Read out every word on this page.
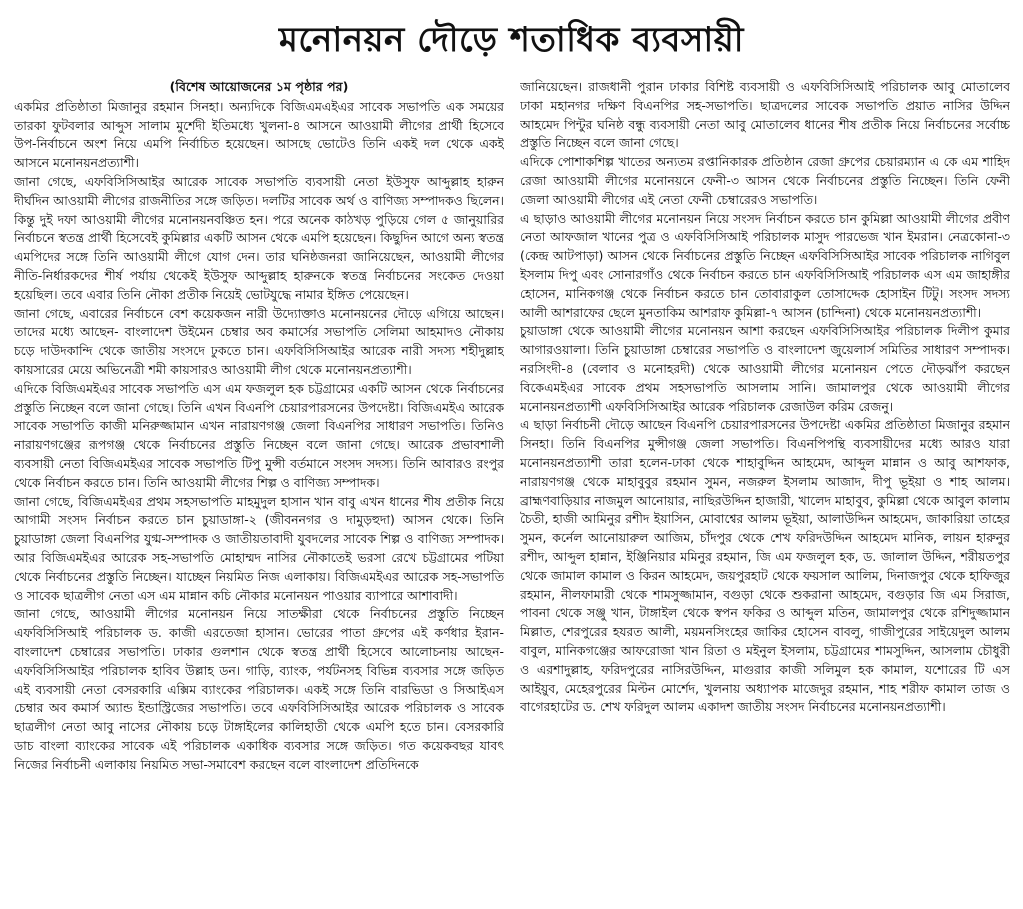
মনোনয়ন দৌড়ে শতাধিক ব্যবসায়ী
(বিশেষ আয়োজনের ১ম পৃষ্ঠার পর)

একমির প্রতিষ্ঠাতা মিজানুর রহমান সিনহা। অন্যদিকে বিজিএমএইএর সাবেক সভাপতি এক সময়ের তারকা ফুটবলার আব্দুস সালাম মুর্শেদী ইতিমধ্যে খুলনা-৪ আসনে আওয়ামী লীগের প্রার্থী হিসেবে উপ-নির্বাচনে অংশ নিয়ে এমপি নির্বাচিত হয়েছেন। আসছে ভোটেও তিনি একই দল থেকে একই আসনে মনোনয়নপ্রত্যাশী।

জানা গেছে, এফবিসিসিআইর আরেক সাবেক সভাপতি ব্যবসায়ী নেতা ইউসুফ আব্দুল্লাহ হারুন দীর্ঘদিন আওয়ামী লীগের রাজনীতির সঙ্গে জড়িত। দলটির সাবেক অর্থ ও বাণিজ্য সম্পাদকও ছিলেন। কিন্তু দুই দফা আওয়ামী লীগের মনোনয়নবঞ্চিত হন। পরে অনেক কাঠখড় পুড়িয়ে গেল ৫ জানুয়ারির নির্বাচনে স্বতন্ত্র প্রার্থী হিসেবেই কুমিল্লার একটি আসন থেকে এমপি হয়েছেন। কিছুদিন আগে অন্য স্বতন্ত্র এমপিদের সঙ্গে তিনি আওয়ামী লীগে যোগ দেন। তার ঘনিষ্ঠজনরা জানিয়েছেন, আওয়ামী লীগের নীতি-নির্ধারকদের শীর্ষ পর্যায় থেকেই ইউসুফ আব্দুল্লাহ হারুনকে স্বতন্ত্র নির্বাচনের সংকেত দেওয়া হয়েছিল। তবে এবার তিনি নৌকা প্রতীক নিয়েই ভোটযুদ্ধে নামার ইঙ্গিত পেয়েছেন।

জানা গেছে, এবারের নির্বাচনে বেশ কয়েকজন নারী উদ্যোক্তাও মনোনয়নের দৌড়ে এগিয়ে আছেন। তাদের মধ্যে আছেন- বাংলাদেশ উইমেন চেম্বার অব কমার্সের সভাপতি সেলিমা আহমাদও নৌকায় চড়ে দাউদকান্দি থেকে জাতীয় সংসদে ঢুকতে চান। এফবিসিসিআইর আরেক নারী সদস্য শহীদুল্লাহ কায়সারের মেয়ে অভিনেত্রী শমী কায়সারও আওয়ামী লীগ থেকে মনোনয়নপ্রত্যাশী।

এদিকে বিজিএমইএর সাবেক সভাপতি এস এম ফজলুল হক চট্টগ্রামের একটি আসন থেকে নির্বাচনের প্রস্তুতি নিচ্ছেন বলে জানা গেছে। তিনি এখন বিএনপি চেয়ারপারসনের উপদেষ্টা। বিজিএমইএ আরেক সাবেক সভাপতি কাজী মনিরুজ্জামান এখন নারায়ণগঞ্জ জেলা বিএনপির সাধারণ সভাপতি। তিনিও নারায়ণগঞ্জের রূপগঞ্জ থেকে নির্বাচনের প্রস্তুতি নিচ্ছেন বলে জানা গেছে। আরেক প্রভাবশালী ব্যবসায়ী নেতা বিজিএমইএর সাবেক সভাপতি টিপু মুন্সী বর্তমানে সংসদ সদস্য। তিনি আবারও রংপুর থেকে নির্বাচন করতে চান। তিনি আওয়ামী লীগের শিল্প ও বাণিজ্য সম্পাদক।

জানা গেছে, বিজিএমইএর প্রথম সহসভাপতি মাহমুদুল হাসান খান বাবু এখন ধানের শীষ প্রতীক নিয়ে আগামী সংসদ নির্বাচন করতে চান চুয়াডাঙ্গা-২ (জীবননগর ও দামুড়হুদা) আসন থেকে। তিনি চুয়াডাঙ্গা জেলা বিএনপির যুগ্ম-সম্পাদক ও জাতীয়তাবাদী যুবদলের সাবেক শিল্প ও বাণিজ্য সম্পাদক। আর বিজিএমইএর আরেক সহ-সভাপতি মোহাম্মদ নাসির নৌকাতেই ভরসা রেখে চট্টগ্রামের পটিয়া থেকে নির্বাচনের প্রস্তুতি নিচ্ছেন। যাচ্ছেন নিয়মিত নিজ এলাকায়। বিজিএমইএর আরেক সহ-সভাপতি ও সাবেক ছাত্রলীগ নেতা এস এম মান্নান কচি নৌকার মনোনয়ন পাওয়ার ব্যাপারে আশাবাদী।

জানা গেছে, আওয়ামী লীগের মনোনয়ন নিয়ে সাতক্ষীরা থেকে নির্বাচনের প্রস্তুতি নিচ্ছেন এফবিসিসিআই পরিচালক ড. কাজী এরতেজা হাসান। ভোরের পাতা গ্রুপের এই কর্ণধার ইরান-বাংলাদেশ চেম্বারের সভাপতি। ঢাকার গুলশান থেকে স্বতন্ত্র প্রার্থী হিসেবে আলোচনায় আছেন- এফবিসিসিআইর পরিচালক হাবিব উল্লাহ ডন। গাড়ি, ব্যাংক, পর্যটনসহ বিভিন্ন ব্যবসার সঙ্গে জড়িত এই ব্যবসায়ী নেতা বেসরকারি এক্সিম ব্যাংকের পরিচালক। একই সঙ্গে তিনি বারভিডা ও সিআইএস চেম্বার অব কমার্স অ্যান্ড ইন্ডাস্ট্রিজের সভাপতি। তবে এফবিসিসিআইর আরেক পরিচালক ও সাবেক ছাত্রলীগ নেতা আবু নাসের নৌকায় চড়ে টাঙ্গাইলের কালিহাতী থেকে এমপি হতে চান। বেসরকারি ডাচ বাংলা ব্যাংকের সাবেক এই পরিচালক একাধিক ব্যবসার সঙ্গে জড়িত। গত কয়েকবছর যাবৎ নিজের নির্বাচনী এলাকায় নিয়মিত সভা-সমাবেশ করছেন বলে বাংলাদেশ প্রতিদিনকে

জানিয়েছেন। রাজধানী পুরান ঢাকার বিশিষ্ট ব্যবসায়ী ও এফবিসিসিআই পরিচালক আবু মোতালেব ঢাকা মহানগর দক্ষিণ বিএনপির সহ-সভাপতি। ছাত্রদলের সাবেক সভাপতি প্রয়াত নাসির উদ্দিন আহমেদ পিন্টুর ঘনিষ্ঠ বন্ধু ব্যবসায়ী নেতা আবু মোতালেব ধানের শীষ প্রতীক নিয়ে নির্বাচনের সর্বোচ্চ প্রস্তুতি নিচ্ছেন বলে জানা গেছে।

এদিকে পোশাকশিল্প খাতের অন্যতম রপ্তানিকারক প্রতিষ্ঠান রেজা গ্রুপের চেয়ারম্যান এ কে এম শাহিদ রেজা আওয়ামী লীগের মনোনয়নে ফেনী-৩ আসন থেকে নির্বাচনের প্রস্তুতি নিচ্ছেন। তিনি ফেনী জেলা আওয়ামী লীগের এই নেতা ফেনী চেম্বারেরও সভাপতি।

এ ছাড়াও আওয়ামী লীগের মনোনয়ন নিয়ে সংসদ নির্বাচন করতে চান কুমিল্লা আওয়ামী লীগের প্রবীণ নেতা আফজাল খানের পুত্র ও এফবিসিসিআই পরিচালক মাসুদ পারভেজ খান ইমরান। নেত্রকোনা-৩ (কেন্দ্র আটপাড়া) আসন থেকে নির্বাচনের প্রস্তুতি নিচ্ছেন এফবিসিসিআইর সাবেক পরিচালক নাগিবুল ইসলাম দিপু এবং সোনারগাঁও থেকে নির্বাচন করতে চান এফবিসিসিআই পরিচালক এস এম জাহাঙ্গীর হোসেন, মানিকগঞ্জ থেকে নির্বাচন করতে চান তোবারাকুল তোসাদ্দেক হোসাইন টিটু। সংসদ সদস্য আলী আশরাফের ছেলে মুনতাকিম আশরাফ কুমিল্লা-৭ আসন (চান্দিনা) থেকে মনোনয়নপ্রত্যাশী।

চুয়াডাঙ্গা থেকে আওয়ামী লীগের মনোনয়ন আশা করছেন এফবিসিসিআইর পরিচালক দিলীপ কুমার আগারওয়ালা। তিনি চুয়াডাঙ্গা চেম্বারের সভাপতি ও বাংলাদেশ জুয়েলার্স সমিতির সাধারণ সম্পাদক। নরসিংদী-৪ (বেলাব ও মনোহরদী) থেকে আওয়ামী লীগের মনোনয়ন পেতে দৌড়ঝাঁপ করছেন বিকেএমইএর সাবেক প্রথম সহসভাপতি আসলাম সানি। জামালপুর থেকে আওয়ামী লীগের মনোনয়নপ্রত্যাশী এফবিসিসিআইর আরেক পরিচালক রেজাউল করিম রেজনু।

এ ছাড়া নির্বাচনী দৌড়ে আছেন বিএনপি চেয়ারপারসনের উপদেষ্টা একমির প্রতিষ্ঠাতা মিজানুর রহমান সিনহা। তিনি বিএনপির মুন্সীগঞ্জ জেলা সভাপতি। বিএনপিপন্থি ব্যবসায়ীদের মধ্যে আরও যারা মনোনয়নপ্রত্যাশী তারা হলেন-ঢাকা থেকে শাহাবুদ্দিন আহমেদ, আব্দুল মান্নান ও আবু আশফাক, নারায়ণগঞ্জ থেকে মাহাবুবুর রহমান সুমন, নজরুল ইসলাম আজাদ, দীপু ভূইয়া ও শাহ আলম। ব্রাহ্মণবাড়িয়ার নাজমুল আনোয়ার, নাছিরউদ্দিন হাজারী, খালেদ মাহাবুব, কুমিল্লা থেকে আবুল কালাম চৈতী, হাজী আমিনুর রশীদ ইয়াসিন, মোবাশ্বের আলম ভূইয়া, আলাউদ্দিন আহমেদ, জাকারিয়া তাহের সুমন, কর্নেল আনোয়ারুল আজিম, চাঁদপুর থেকে শেখ ফরিদউদ্দিন আহমেদ মানিক, লায়ন হারুনুর রশীদ, আব্দুল হান্নান, ইঞ্জিনিয়ার মমিনুর রহমান, জি এম ফজলুল হক, ড. জালাল উদ্দিন, শরীয়তপুর থেকে জামাল কামাল ও কিরন আহমেদ, জয়পুরহাট থেকে ফয়সাল আলিম, দিনাজপুর থেকে হাফিজুর রহমান, নীলফামারী থেকে শামসুজ্জামান, বগুড়া থেকে শুকরানা আহমেদ, বগুড়ার জি এম সিরাজ, পাবনা থেকে সঞ্জু খান, টাঙ্গাইল থেকে স্বপন ফকির ও আব্দুল মতিন, জামালপুর থেকে রশিদুজ্জামান মিল্লাত, শেরপুরের হযরত আলী, ময়মনসিংহের জাকির হোসেন বাবলু, গাজীপুরের সাইয়েদুল আলম বাবুল, মানিকগঞ্জের আফরোজা খান রিতা ও মইনুল ইসলাম, চট্টগ্রামের শামসুদ্দিন, আসলাম চৌধুরী ও এরশাদুল্লাহ, ফরিদপুরের নাসিরউদ্দিন, মাগুরার কাজী সলিমুল হক কামাল, যশোরের টি এস আইয়ুব, মেহেরপুরের মিল্টন মোর্শেদ, খুলনায় অধ্যাপক মাজেদুর রহমান, শাহ শরীফ কামাল তাজ ও বাগেরহাটের ড. শেখ ফরিদুল আলম একাদশ জাতীয় সংসদ নির্বাচনের মনোনয়নপ্রত্যাশী।
